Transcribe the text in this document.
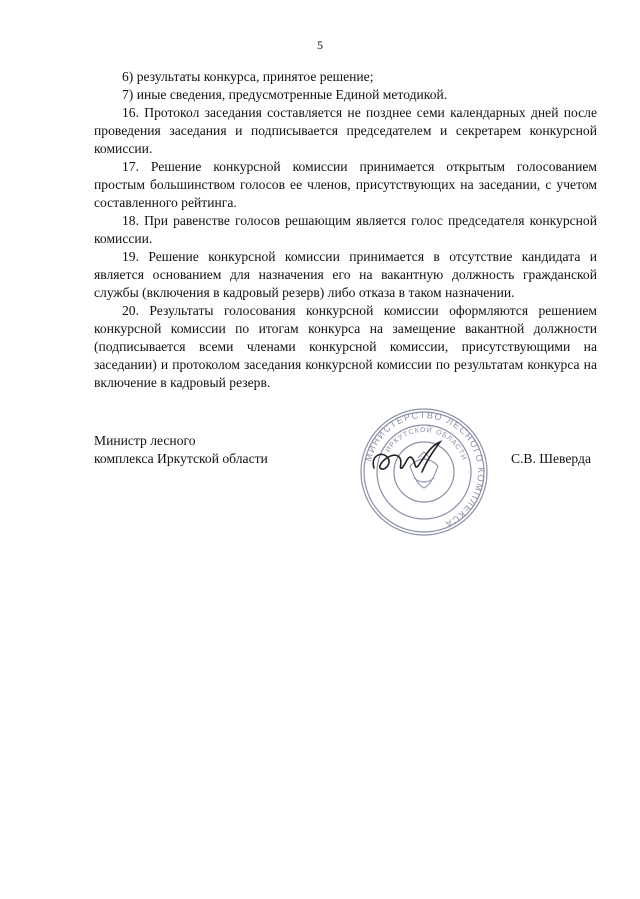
5

6) результаты конкурса, принятое решение;

7) иные сведения, предусмотренные Единой методикой.

16. Протокол заседания составляется не позднее семи календарных дней после проведения заседания и подписывается председателем и секретарем конкурсной комиссии.

17. Решение конкурсной комиссии принимается открытым голосованием простым большинством голосов ее членов, присутствующих на заседании, с учетом составленного рейтинга.

18. При равенстве голосов решающим является голос председателя конкурсной комиссии.

19. Решение конкурсной комиссии принимается в отсутствие кандидата и является основанием для назначения его на вакантную должность гражданской службы (включения в кадровый резерв) либо отказа в таком назначении.

20. Результаты голосования конкурсной комиссии оформляются решением конкурсной комиссии по итогам конкурса на замещение вакантной должности (подписывается всеми членами конкурсной комиссии, присутствующими на заседании) и протоколом заседания конкурсной комиссии по результатам конкурса на включение в кадровый резерв.

Министр лесного
комплекса Иркутской области	МИНИСТЕРСТВО ЛЕСНОГО КОМПЛЕКСА
ИРКУТСКОЙ ОБЛАСТИ	С.В. Шеверда
